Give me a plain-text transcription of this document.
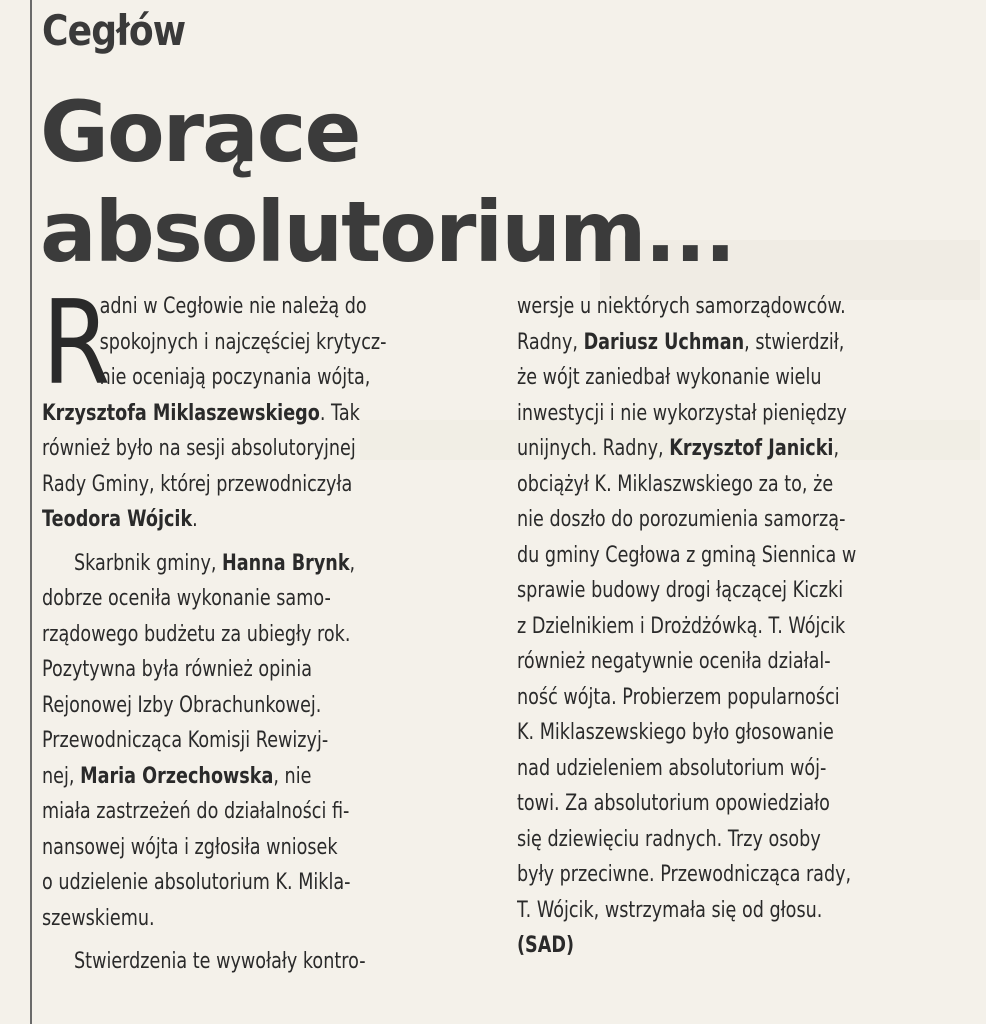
Cegłów
Gorące
absolutorium...
R
adni w Cegłowie nie należą do
spokojnych i najczęściej krytycz-
nie oceniają poczynania wójta,
Krzysztofa Miklaszewskiego. Tak
również było na sesji absolutoryjnej
Rady Gminy, której przewodniczyła
Teodora Wójcik.
Skarbnik gminy, Hanna Brynk,
dobrze oceniła wykonanie samo-
rządowego budżetu za ubiegły rok.
Pozytywna była również opinia
Rejonowej Izby Obrachunkowej.
Przewodnicząca Komisji Rewizyj-
nej, Maria Orzechowska, nie
miała zastrzeżeń do działalności fi-
nansowej wójta i zgłosiła wniosek
o udzielenie absolutorium K. Mikla-
szewskiemu.
Stwierdzenia te wywołały kontro-
wersje u niektórych samorządowców.
Radny, Dariusz Uchman, stwierdził,
że wójt zaniedbał wykonanie wielu
inwestycji i nie wykorzystał pieniędzy
unijnych. Radny, Krzysztof Janicki,
obciążył K. Miklaszwskiego za to, że
nie doszło do porozumienia samorzą-
du gminy Cegłowa z gminą Siennica w
sprawie budowy drogi łączącej Kiczki
z Dzielnikiem i Drożdżówką. T. Wójcik
również negatywnie oceniła działal-
ność wójta. Probierzem popularności
K. Miklaszewskiego było głosowanie
nad udzieleniem absolutorium wój-
towi. Za absolutorium opowiedziało
się dziewięciu radnych. Trzy osoby
były przeciwne. Przewodnicząca rady,
T. Wójcik, wstrzymała się od głosu.
(SAD)
